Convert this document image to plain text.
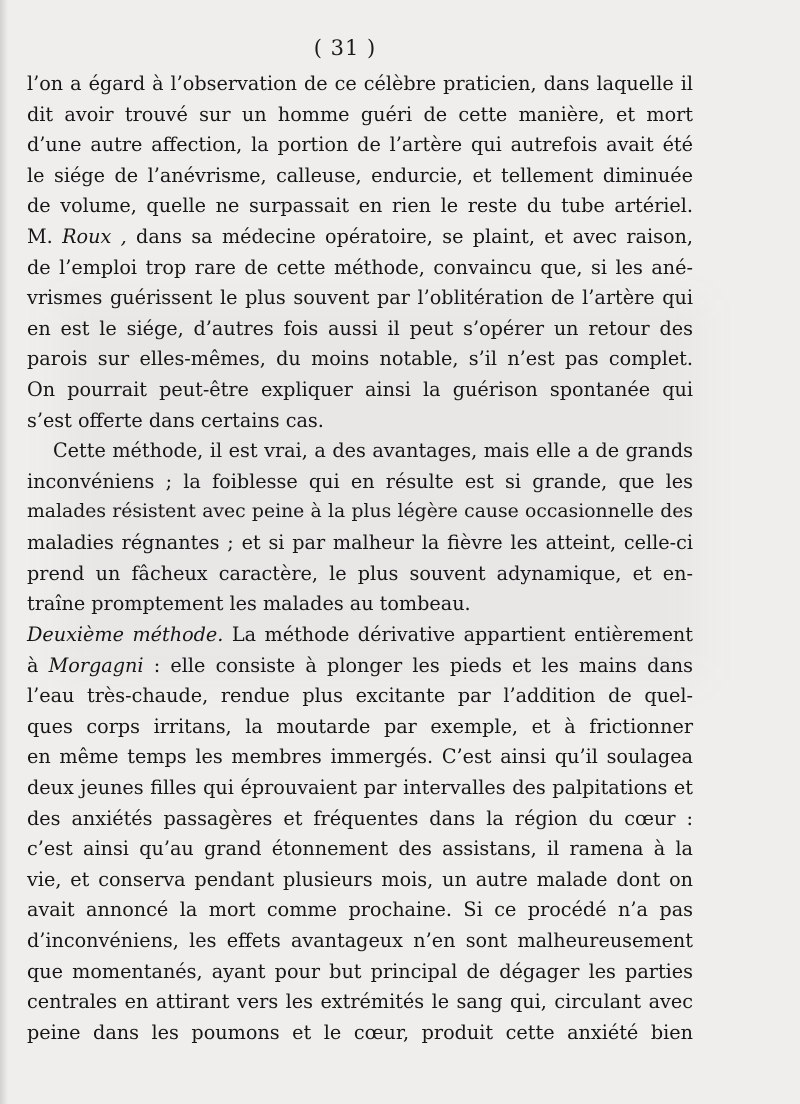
( 31 )
l’on a égard à l’observation de ce célèbre praticien, dans laquelle il
dit avoir trouvé sur un homme guéri de cette manière, et mort
d’une autre affection, la portion de l’artère qui autrefois avait été
le siége de l’anévrisme, calleuse, endurcie, et tellement diminuée
de volume, quelle ne surpassait en rien le reste du tube artériel.
M. Roux , dans sa médecine opératoire, se plaint, et avec raison,
de l’emploi trop rare de cette méthode, convaincu que, si les ané-
vrismes guérissent le plus souvent par l’oblitération de l’artère qui
en est le siége, d’autres fois aussi il peut s’opérer un retour des
parois sur elles-mêmes, du moins notable, s’il n’est pas complet.
On pourrait peut-être expliquer ainsi la guérison spontanée qui
s’est offerte dans certains cas.
Cette méthode, il est vrai, a des avantages, mais elle a de grands
inconvéniens ; la foiblesse qui en résulte est si grande, que les
malades résistent avec peine à la plus légère cause occasionnelle des
maladies régnantes ; et si par malheur la fièvre les atteint, celle-ci
prend un fâcheux caractère, le plus souvent adynamique, et en-
traîne promptement les malades au tombeau.
Deuxième méthode. La méthode dérivative appartient entièrement
à Morgagni : elle consiste à plonger les pieds et les mains dans
l’eau très-chaude, rendue plus excitante par l’addition de quel-
ques corps irritans, la moutarde par exemple, et à frictionner
en même temps les membres immergés. C’est ainsi qu’il soulagea
deux jeunes filles qui éprouvaient par intervalles des palpitations et
des anxiétés passagères et fréquentes dans la région du cœur :
c’est ainsi qu’au grand étonnement des assistans, il ramena à la
vie, et conserva pendant plusieurs mois, un autre malade dont on
avait annoncé la mort comme prochaine. Si ce procédé n’a pas
d’inconvéniens, les effets avantageux n’en sont malheureusement
que momentanés, ayant pour but principal de dégager les parties
centrales en attirant vers les extrémités le sang qui, circulant avec
peine dans les poumons et le cœur, produit cette anxiété bien
